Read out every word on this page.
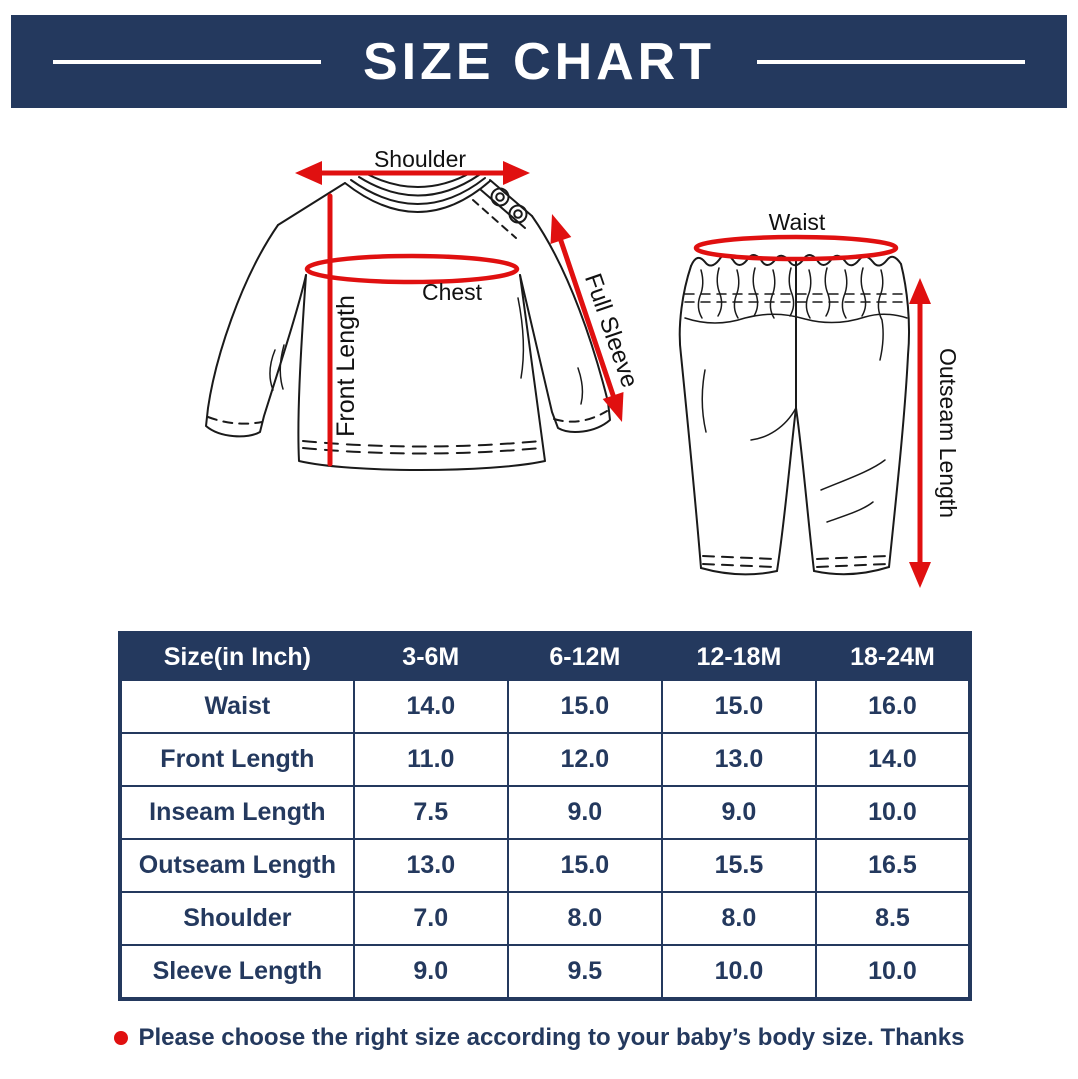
SIZE CHART
Shoulder
Chest
Front Length	Full Sleeve
Waist
Outseam Length
Size(in Inch)	3-6M	6-12M	12-18M	18-24M
Waist	14.0	15.0	15.0	16.0
Front Length	11.0	12.0	13.0	14.0
Inseam Length	7.5	9.0	9.0	10.0
Outseam Length	13.0	15.0	15.5	16.5
Shoulder	7.0	8.0	8.0	8.5
Sleeve Length	9.0	9.5	10.0	10.0
Please choose the right size according to your baby’s body size. Thanks
